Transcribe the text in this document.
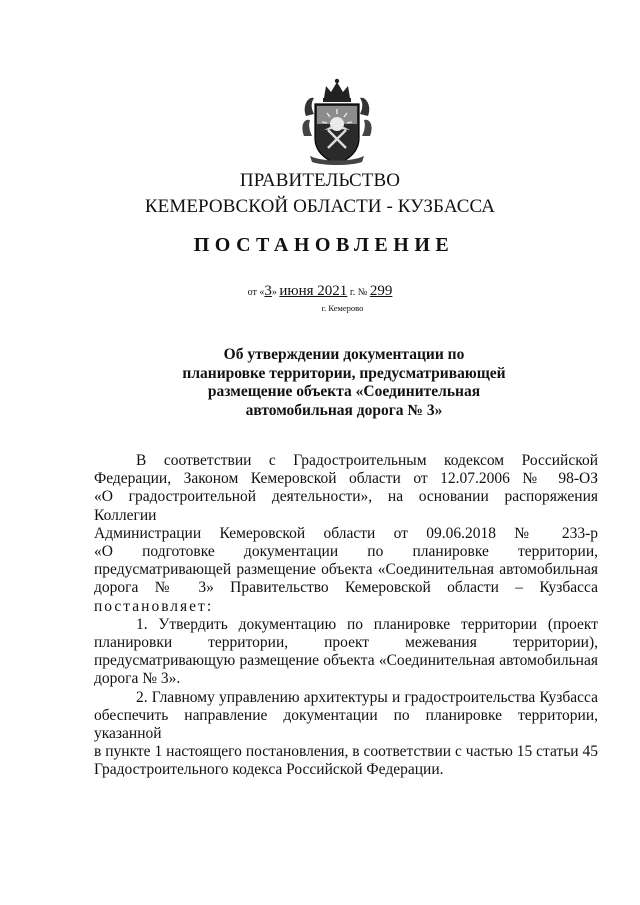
ПРАВИТЕЛЬСТВО
КЕМЕРОВСКОЙ ОБЛАСТИ - КУЗБАССА
ПОСТАНОВЛЕНИЕ
от «3» июня 2021 г. № 299
г. Кемерово
Об утверждении документации по
планировке территории, предусматривающей
размещение объекта «Соединительная
автомобильная дорога № 3»
В соответствии с Градостроительным кодексом Российской
Федерации, Законом Кемеровской области от 12.07.2006 № 98-ОЗ
«О градостроительной деятельности», на основании распоряжения Коллегии
Администрации Кемеровской области от 09.06.2018 № 233-р
«О подготовке документации по планировке территории,
предусматривающей размещение объекта «Соединительная автомобильная
дорога № 3» Правительство Кемеровской области – Кузбасса
постановляет:
1. Утвердить документацию по планировке территории (проект
планировки территории, проект межевания территории),
предусматривающую размещение объекта «Соединительная автомобильная
дорога № 3».
2. Главному управлению архитектуры и градостроительства Кузбасса
обеспечить направление документации по планировке территории, указанной
в пункте 1 настоящего постановления, в соответствии с частью 15 статьи 45
Градостроительного кодекса Российской Федерации.
